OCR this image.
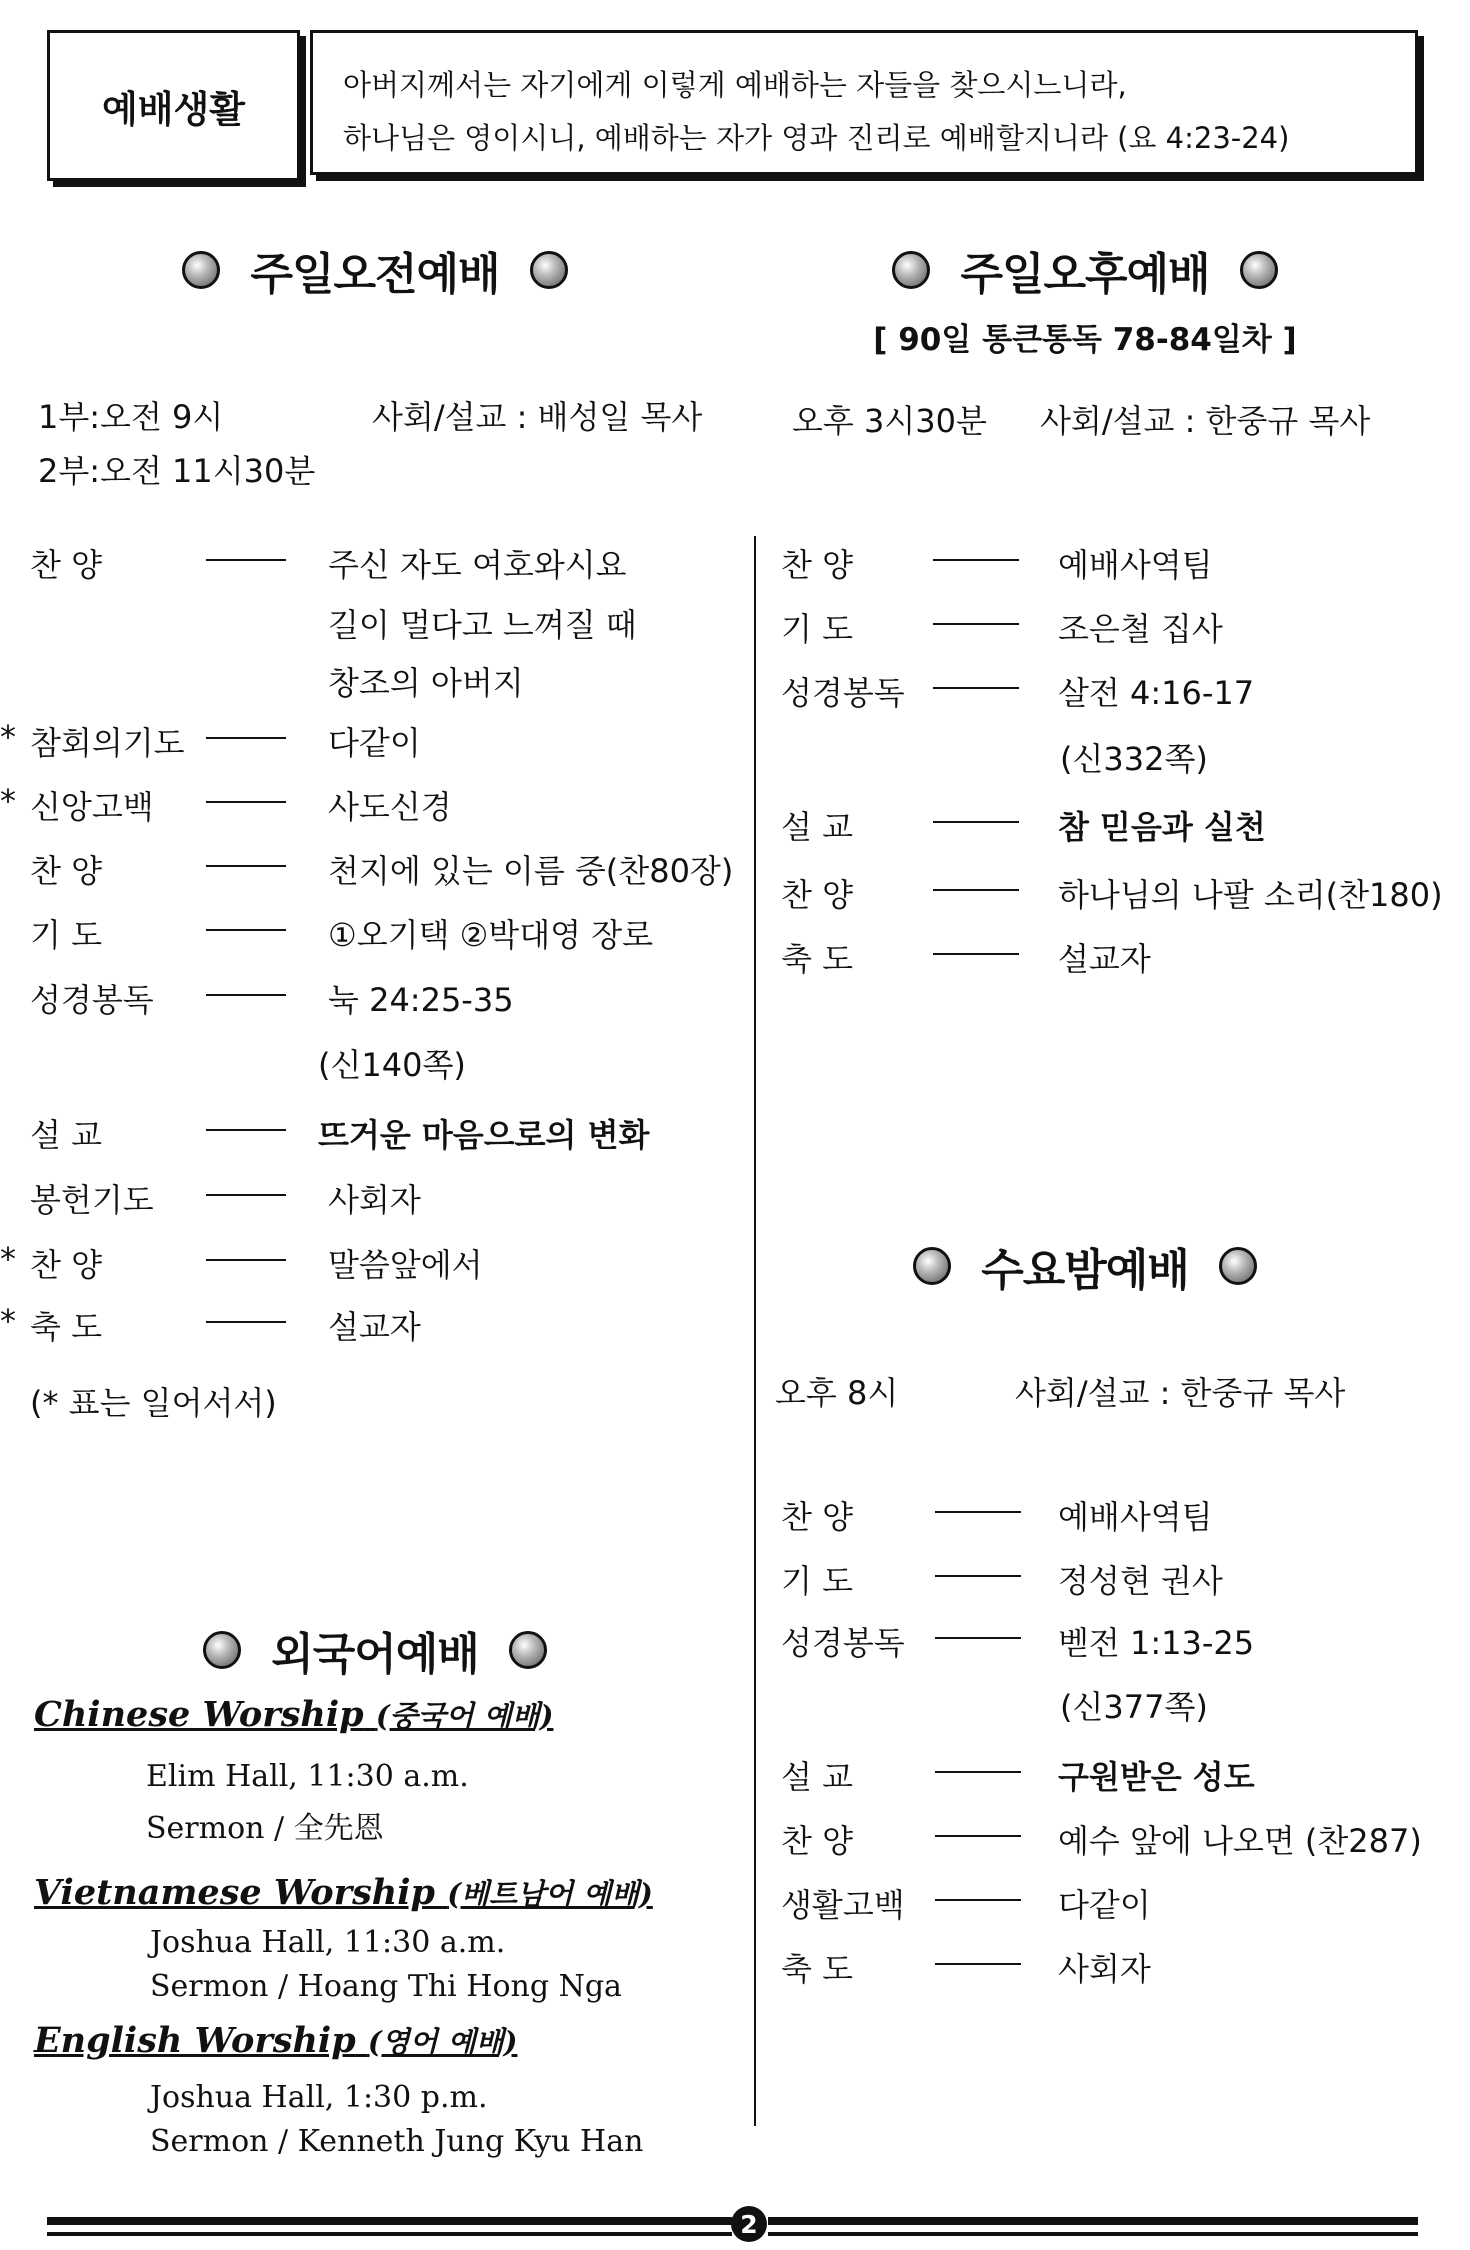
예배생활
아버지께서는 자기에게 이렇게 예배하는 자들을 찾으시느니라,
하나님은 영이시니, 예배하는 자가 영과 진리로 예배할지니라 (요 4:23-24)
주일오전예배
1부:오전 9시	사회/설교 : 배성일 목사
2부:오전 11시30분
찬 양	주신 자도 여호와시요
길이 멀다고 느껴질 때
창조의 아버지
* 참회의기도	다같이
* 신앙고백	사도신경
찬 양	천지에 있는 이름 중(찬80장)
기 도	①오기택 ②박대영 장로
성경봉독	눅 24:25-35
(신140쪽)
설 교	뜨거운 마음으로의 변화
봉헌기도	사회자
* 찬 양	말씀앞에서
* 축 도	설교자
(* 표는 일어서서)
주일오후예배
[ 90일 통큰통독 78-84일차 ]
오후 3시30분 사회/설교 : 한중규 목사
찬 양	예배사역팀
기 도	조은철 집사
성경봉독	살전 4:16-17
(신332쪽)
설 교	참 믿음과 실천
찬 양	하나님의 나팔 소리(찬180)
축 도	설교자
수요밤예배
오후 8시	사회/설교 : 한중규 목사
찬 양	예배사역팀
기 도	정성현 권사
성경봉독	벧전 1:13-25
(신377쪽)
설 교	구원받은 성도
찬 양	예수 앞에 나오면 (찬287)
생활고백	다같이
축 도	사회자
외국어예배
Chinese Worship (중국어 예배)
Elim Hall, 11:30 a.m.
Sermon / 全先恩
Vietnamese Worship (베트남어 예배)
Joshua Hall, 11:30 a.m.
Sermon / Hoang Thi Hong Nga
English Worship (영어 예배)
Joshua Hall, 1:30 p.m.
Sermon / Kenneth Jung Kyu Han
2
